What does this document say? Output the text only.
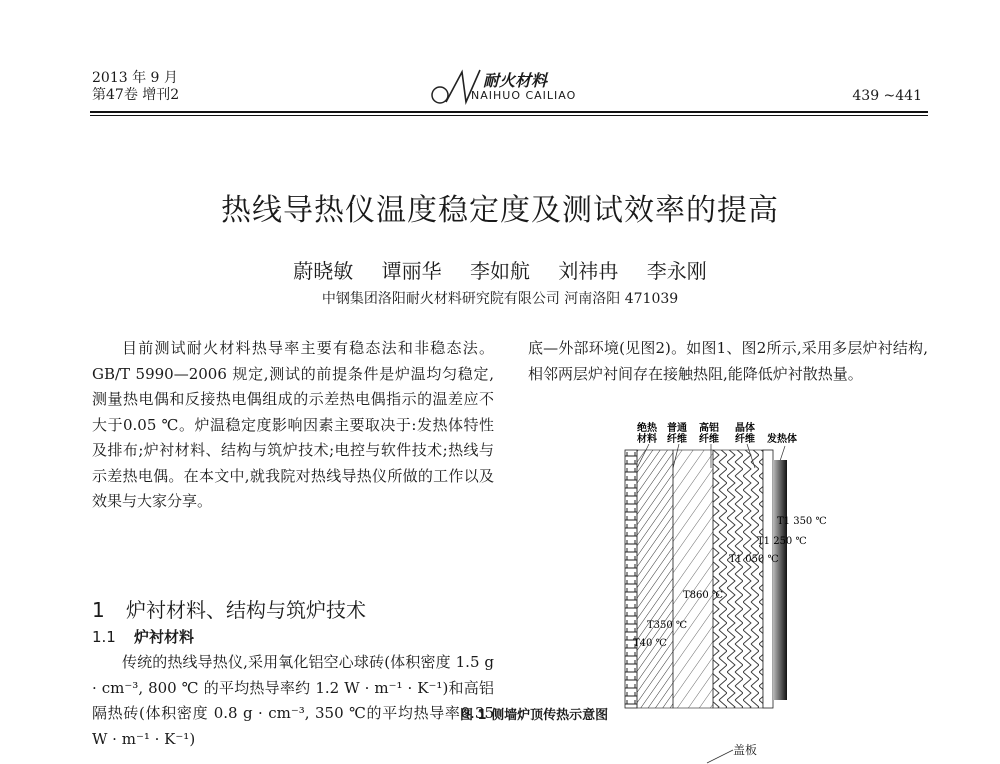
2013 年 9 月
第47卷 增刊2
耐火材料
NAIHUO CAILIAO	439 ~441
热线导热仪温度稳定度及测试效率的提高
蔚晓敏 谭丽华 李如航 刘祎冉 李永刚
中钢集团洛阳耐火材料研究院有限公司 河南洛阳 471039
目前测试耐火材料热导率主要有稳态法和非稳态法。GB/T 5990—2006 规定,测试的前提条件是炉温均匀稳定,测量热电偶和反接热电偶组成的示差热电偶指示的温差应不大于0.05 ℃。炉温稳定度影响因素主要取决于:发热体特性及排布;炉衬材料、结构与筑炉技术;电控与软件技术;热线与示差热电偶。在本文中,就我院对热线导热仪所做的工作以及效果与大家分享。
1 炉衬材料、结构与筑炉技术
1.1 炉衬材料
传统的热线导热仪,采用氧化铝空心球砖(体积密度 1.5 g · cm⁻³, 800 ℃ 的平均热导率约 1.2 W · m⁻¹ · K⁻¹)和高铝隔热砖(体积密度 0.8 g · cm⁻³, 350 ℃的平均热导率0.35 W · m⁻¹ · K⁻¹)
底—外部环境(见图2)。如图1、图2所示,采用多层炉衬结构,相邻两层炉衬间存在接触热阻,能降低炉衬散热量。
绝热材料
普通纤维
高铝纤维
晶体纤维 发热体
T1 350 ℃
T1 250 ℃
T1 050 ℃
T860 ℃
T350 ℃
T40 ℃
图 1 侧墙炉顶传热示意图
盖板
